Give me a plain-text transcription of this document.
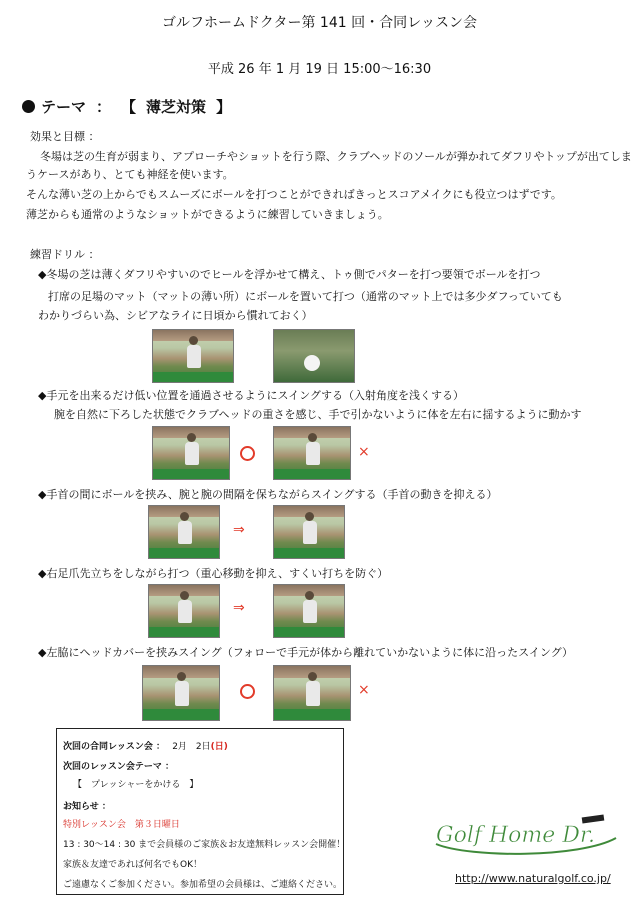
ゴルフホームドクター第 141 回・合同レッスン会
平成 26 年 1 月 19 日 15:00～16:30
テーマ ： 【 薄芝対策 】
効果と目標 ：
冬場は芝の生育が弱まり、アプローチやショットを行う際、クラブヘッドのソールが弾かれてダフリやトップが出てしま
うケースがあり、とても神経を使います。
そんな薄い芝の上からでもスムーズにボールを打つことができればきっとスコアメイクにも役立つはずです。
薄芝からも通常のようなショットができるように練習していきましょう。
練習ドリル ：
◆冬場の芝は薄くダフリやすいのでヒールを浮かせて構え、トゥ側でパターを打つ要領でボールを打つ
打席の足場のマット（マットの薄い所）にボールを置いて打つ（通常のマット上では多少ダフっていても
わかりづらい為、シビアなライに日頃から慣れておく）
◆手元を出来るだけ低い位置を通過させるようにスイングする（入射角度を浅くする）
腕を自然に下ろした状態でクラブヘッドの重さを感じ、手で引かないように体を左右に揺するように動かす
×
◆手首の間にボールを挟み、腕と腕の間隔を保ちながらスイングする（手首の動きを抑える）
⇒
◆右足爪先立ちをしながら打つ（重心移動を抑え、すくい打ちを防ぐ）
⇒
◆左脇にヘッドカバーを挟みスイング（フォローで手元が体から離れていかないように体に沿ったスイング）
×
次回の合同レッスン会 ： 2月　2日(日)
次回のレッスン会テーマ ：
【　プレッシャーをかける　】
お知らせ ：
特別レッスン会　第３日曜日
13 : 30～14 : 30 まで会員様のご家族＆お友達無料レッスン会開催！
家族＆友達であれば何名でもOK！
ご遠慮なくご参加ください。参加希望の会員様は、ご連絡ください。
Golf Home Dr.
http://www.naturalgolf.co.jp/
